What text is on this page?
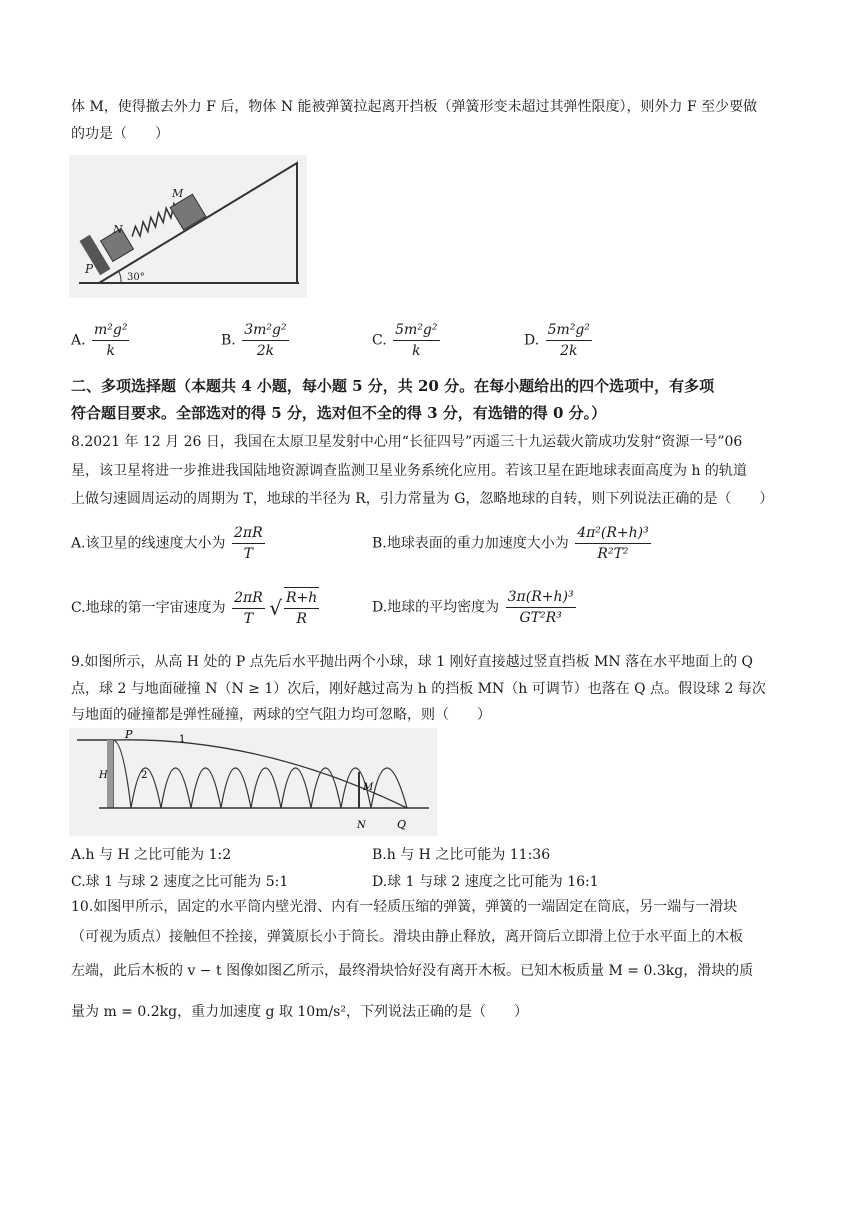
体 M，使得撤去外力 F 后，物体 N 能被弹簧拉起离开挡板（弹簧形变未超过其弹性限度），则外力 F 至少要做
的功是（　　）
M
N
P
30°
A. $\frac{\text{m²g²}}{k}$	B. $\frac{\text{3m²g²}}{2k}$	C. $\frac{\text{5m²g²}}{k}$	D. $\frac{\text{5m²g²}}{2k}$
二、多项选择题（本题共 4 小题，每小题 5 分，共 20 分。在每小题给出的四个选项中，有多项
符合题目要求。全部选对的得 5 分，选对但不全的得 3 分，有选错的得 0 分。）
8.2021 年 12 月 26 日，我国在太原卫星发射中心用“长征四号”丙遥三十九运载火箭成功发射“资源一号”06
星，该卫星将进一步推进我国陆地资源调查监测卫星业务系统化应用。若该卫星在距地球表面高度为 h 的轨道
上做匀速圆周运动的周期为 T，地球的半径为 R，引力常量为 G，忽略地球的自转，则下列说法正确的是（　　）
A.该卫星的线速度大小为 $\frac{2\pi R}{T}$	B.地球表面的重力加速度大小为 $\frac{\text{4π²(R+h)³}}{\text{R²T²}}$
C.地球的第一宇宙速度为 $\frac{2\pi R}{T}$ √ $\frac{R+h}{R}$	D.地球的平均密度为 $\frac{\text{3π(R+h)³}}{\text{GT²R³}}$
9.如图所示，从高 H 处的 P 点先后水平抛出两个小球，球 1 刚好直接越过竖直挡板 MN 落在水平地面上的 Q
点，球 2 与地面碰撞 N（N ≥ 1）次后，刚好越过高为 h 的挡板 MN（h 可调节）也落在 Q 点。假设球 2 每次
与地面的碰撞都是弹性碰撞，两球的空气阻力均可忽略，则（　　）
P	1
2
H
M
N	Q
A.h 与 H 之比可能为 1:2	B.h 与 H 之比可能为 11:36
C.球 1 与球 2 速度之比可能为 5:1	D.球 1 与球 2 速度之比可能为 16:1
10.如图甲所示，固定的水平筒内壁光滑、内有一轻质压缩的弹簧，弹簧的一端固定在筒底，另一端与一滑块
（可视为质点）接触但不拴接，弹簧原长小于筒长。滑块由静止释放，离开筒后立即滑上位于水平面上的木板
左端，此后木板的 v − t 图像如图乙所示，最终滑块恰好没有离开木板。已知木板质量 M = 0.3kg，滑块的质
量为 m = 0.2kg，重力加速度 g 取 10m/s²，下列说法正确的是（　　）
